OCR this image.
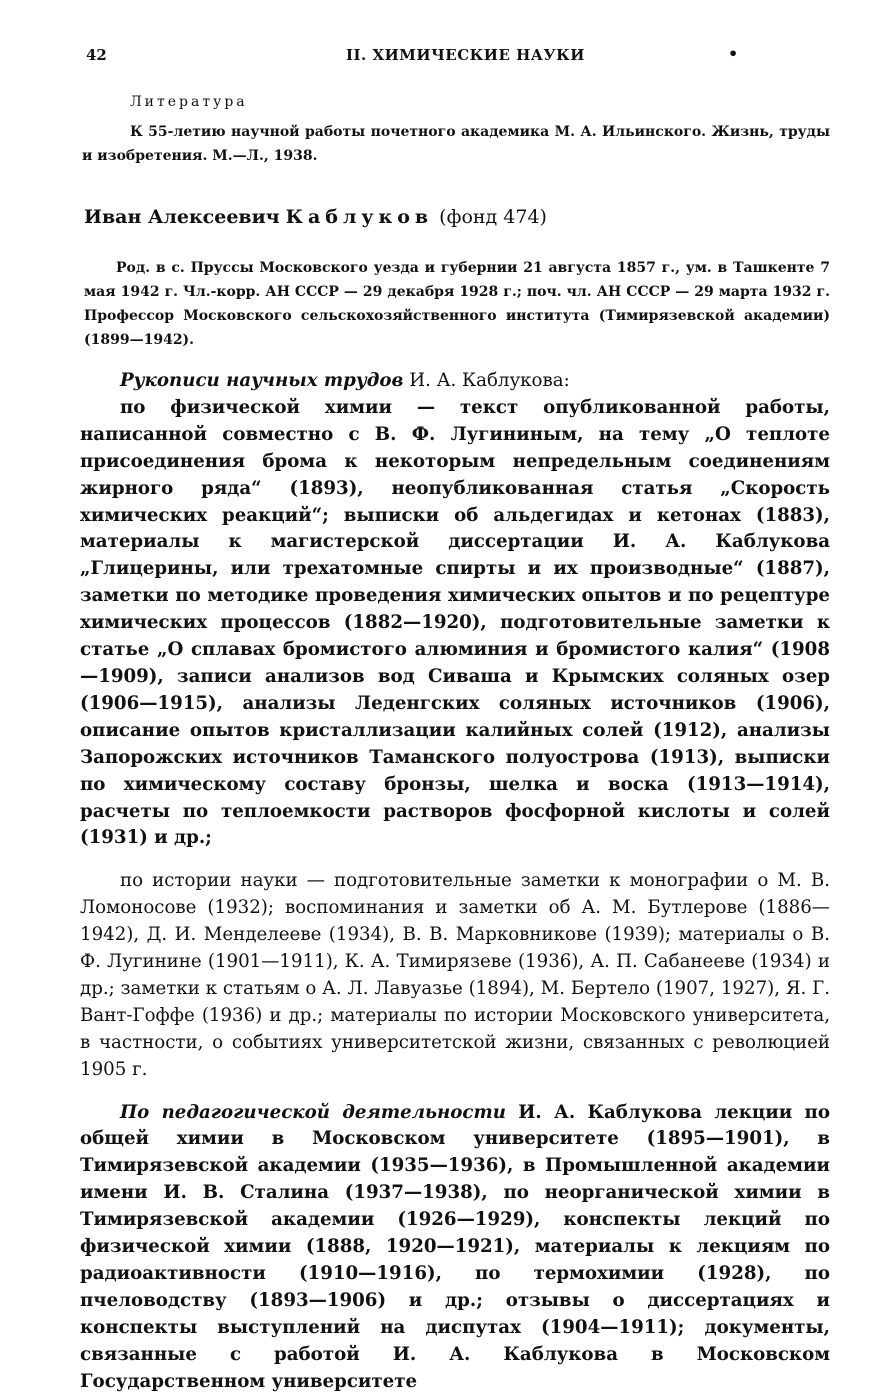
42	II. ХИМИЧЕСКИЕ НАУКИ	•
Литература
К 55-летию научной работы почетного академика М. А. Ильинского. Жизнь, труды и изобретения. М.—Л., 1938.
Иван Алексеевич Каблуков (фонд 474)
Род. в с. Пруссы Московского уезда и губернии 21 августа 1857 г., ум. в Ташкенте 7 мая 1942 г. Чл.-корр. АН СССР — 29 декабря 1928 г.; поч. чл. АН СССР — 29 марта 1932 г. Профессор Московского сельскохозяйственного института (Тимирязевской академии) (1899—1942).

Рукописи научных трудов И. А. Каблукова:

по физической химии — текст опубликованной работы, написанной совместно с В. Ф. Лугининым, на тему „О теплоте присоединения брома к некоторым непредельным соединениям жирного ряда“ (1893), неопубликованная статья „Скорость химических реакций“; выписки об альдегидах и кетонах (1883), материалы к магистерской диссертации И. А. Каблукова „Глицерины, или трехатомные спирты и их производные“ (1887), заметки по методике проведения химических опытов и по рецептуре химических процессов (1882—1920), подготовительные заметки к статье „О сплавах бромистого алюминия и бромистого калия“ (1908—1909), записи анализов вод Сиваша и Крымских соляных озер (1906—1915), анализы Леденгских соляных источников (1906), описание опытов кристаллизации калийных солей (1912), анализы Запорожских источников Таманского полуострова (1913), выписки по химическому составу бронзы, шелка и воска (1913—1914), расчеты по теплоемкости растворов фосфорной кислоты и солей (1931) и др.;

по истории науки — подготовительные заметки к монографии о М. В. Ломоносове (1932); воспоминания и заметки об А. М. Бутлерове (1886—1942), Д. И. Менделееве (1934), В. В. Марковникове (1939); материалы о В. Ф. Лугинине (1901—1911), К. А. Тимирязеве (1936), А. П. Сабанееве (1934) и др.; заметки к статьям о А. Л. Лавуазье (1894), М. Бертело (1907, 1927), Я. Г. Вант-Гоффе (1936) и др.; материалы по истории Московского университета, в частности, о событиях университетской жизни, связанных с революцией 1905 г.

По педагогической деятельности И. А. Каблукова лекции по общей химии в Московском университете (1895—1901), в Тимирязевской академии (1935—1936), в Промышленной академии имени И. В. Сталина (1937—1938), по неорганической химии в Тимирязевской академии (1926—1929), конспекты лекций по физической химии (1888, 1920—1921), материалы к лекциям по радиоактивности (1910—1916), по термохимии (1928), по пчеловодству (1893—1906) и др.; отзывы о диссертациях и конспекты выступлений на диспутах (1904—1911); документы, связанные с работой И. А. Каблукова в Московском Государственном университете
